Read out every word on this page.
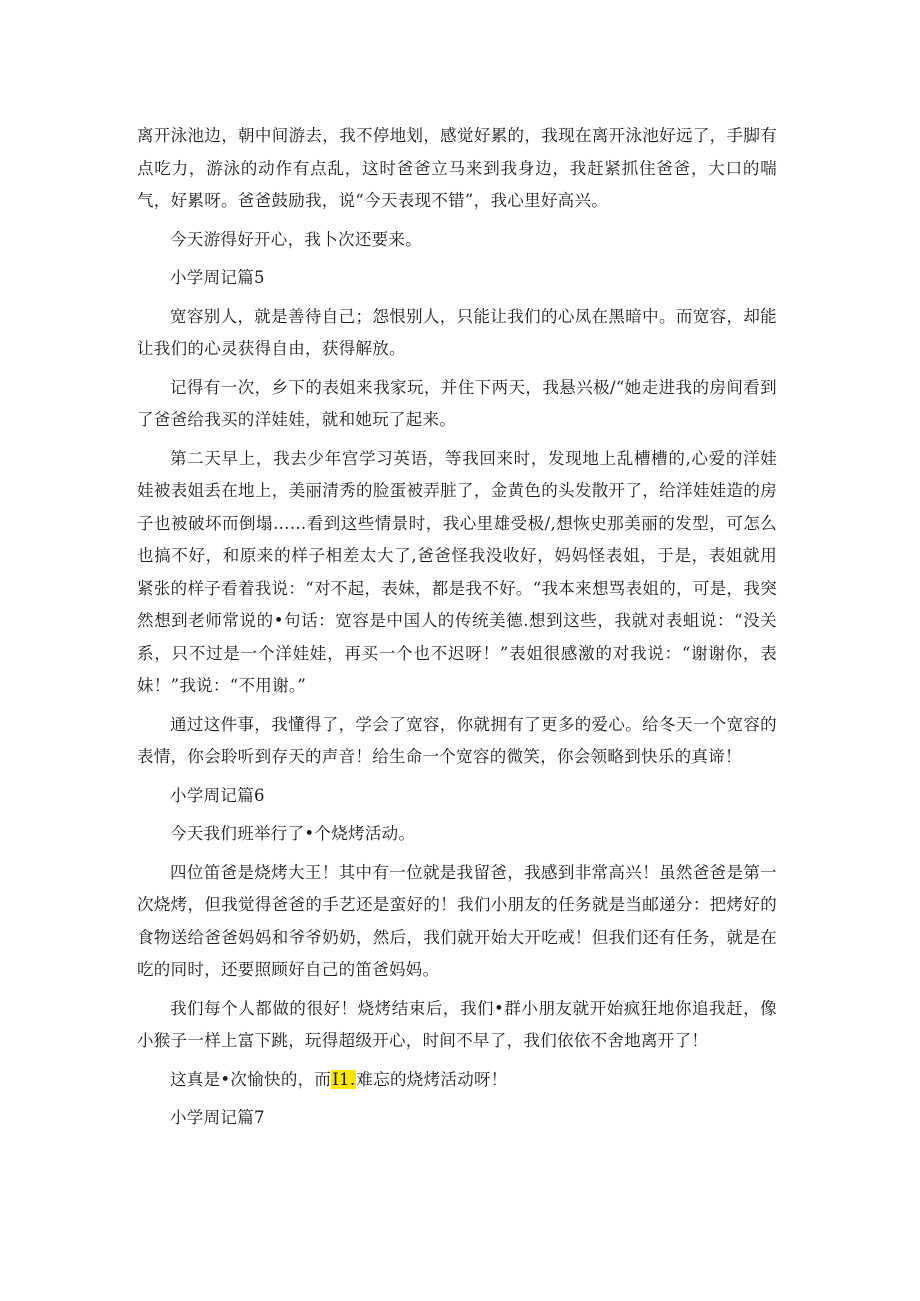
离开泳池边，朝中间游去，我不停地划，感觉好累的，我现在离开泳池好远了，手脚有点吃力，游泳的动作有点乱，这时爸爸立马来到我身边，我赶紧抓住爸爸，大口的喘气，好累呀。爸爸鼓励我，说“今天表现不错”，我心里好高兴。

今天游得好开心，我卜次还要来。

小学周记篇5

宽容别人，就是善待自己；怨恨别人，只能让我们的心凤在黑暗中。而宽容，却能让我们的心灵获得自由，获得解放。

记得有一次，乡下的表姐来我家玩，并住下两天，我悬兴极/“她走进我的房间看到了爸爸给我买的洋娃娃，就和她玩了起来。

第二天早上，我去少年宫学习英语，等我回来时，发现地上乱槽槽的,心爱的洋娃娃被表姐丢在地上，美丽清秀的脸蛋被弄脏了，金黄色的头发散开了，给洋娃娃造的房子也被破坏而倒塌……看到这些情景时，我心里雄受极/,想恢史那美丽的发型，可怎么也搞不好，和原来的样子相差太大了,爸爸怪我没收好，妈妈怪表姐，于是，表姐就用紧张的样子看着我说：“对不起，表妹，都是我不好。“我本来想骂表姐的，可是，我突然想到老师常说的•句话：宽容是中国人的传统美德.想到这些，我就对表蛆说：“没关系，只不过是一个洋娃娃，再买一个也不迟呀！”表姐很感激的对我说：“谢谢你，表妹！”我说：“不用谢。”

通过这件事，我懂得了，学会了宽容，你就拥有了更多的爱心。给冬天一个宽容的表情，你会聆听到存天的声音！给生命一个宽容的微笑，你会领略到快乐的真谛！

小学周记篇6

今天我们班举行了•个烧烤活动。

四位笛爸是烧烤大王！其中有一位就是我留爸，我感到非常高兴！虽然爸爸是第一次烧烤，但我觉得爸爸的手艺还是蛮好的！我们小朋友的任务就是当邮递分：把烤好的食物送给爸爸妈妈和爷爷奶奶，然后，我们就开始大开吃戒！但我们还有任务，就是在吃的同时，还要照顾好自己的笛爸妈妈。

我们每个人都做的很好！烧烤结束后，我们•群小朋友就开始疯狂地你追我赶，像小猴子一样上富下跳，玩得超级开心，时间不早了，我们依依不舍地离开了！

这真是•次愉快的，而I1.难忘的烧烤活动呀！

小学周记篇7
